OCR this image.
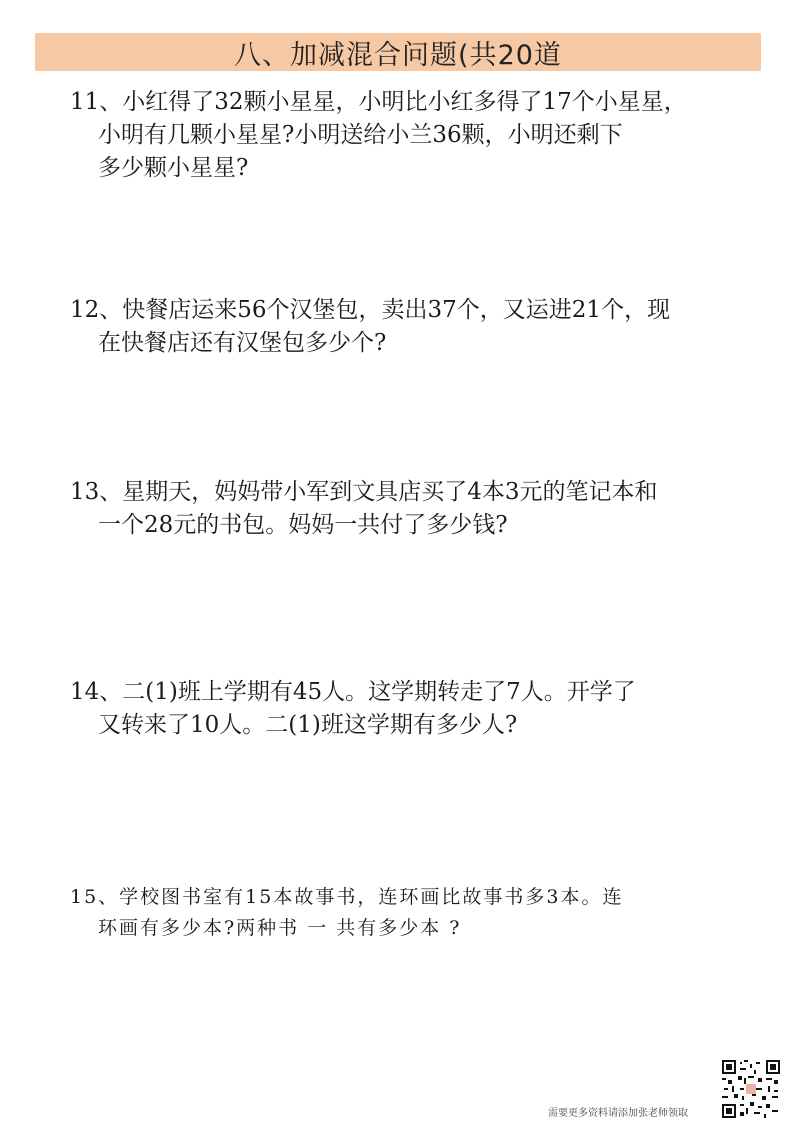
八、加减混合问题(共20道
11、小红得了32颗小星星，小明比小红多得了17个小星星，
小明有几颗小星星?小明送给小兰36颗，小明还剩下
多少颗小星星?
12、快餐店运来56个汉堡包，卖出37个，又运进21个，现
在快餐店还有汉堡包多少个?
13、星期天，妈妈带小军到文具店买了4本3元的笔记本和
一个28元的书包。妈妈一共付了多少钱?
14、二(1)班上学期有45人。这学期转走了7人。开学了
又转来了10人。二(1)班这学期有多少人?
15、学校图书室有15本故事书，连环画比故事书多3本。连
环画有多少本?两种书 一 共有多少本 ?
需要更多资料请添加张老师领取
